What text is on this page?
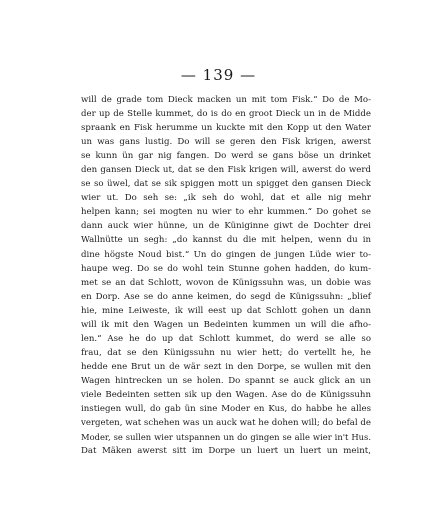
— 139 —
will de grade tom Dieck macken un mit tom Fisk.“ Do de Mo-
der up de Stelle kummet, do is do en groot Dieck un in de Midde
spraank en Fisk herumme un kuckte mit den Kopp ut den Water
un was gans lustig. Do will se geren den Fisk krigen, awerst
se kunn ün gar nig fangen. Do werd se gans böse un drinket
den gansen Dieck ut, dat se den Fisk krigen will, awerst do werd
se so üwel, dat se sik spiggen mott un spigget den gansen Dieck
wier ut. Do seh se: „ik seh do wohl, dat et alle nig mehr
helpen kann; sei mogten nu wier to ehr kummen.“ Do gohet se
dann auck wier hünne, un de Küniginne giwt de Dochter drei
Wallnütte un segh: „do kannst du die mit helpen, wenn du in
dine högste Noud bist.“ Un do gingen de jungen Lüde wier to-
haupe weg. Do se do wohl tein Stunne gohen hadden, do kum-
met se an dat Schlott, wovon de Künigssuhn was, un dobie was
en Dorp. Ase se do anne keimen, do segd de Künigssuhn: „blief
hie, mine Leiweste, ik will eest up dat Schlott gohen un dann
will ik mit den Wagen un Bedeinten kummen un will die afho-
len.“ Ase he do up dat Schlott kummet, do werd se alle so
frau, dat se den Künigssuhn nu wier hett; do vertellt he, he
hedde ene Brut un de wär sezt in den Dorpe, se wullen mit den
Wagen hintrecken un se holen. Do spannt se auck glick an un
viele Bedeinten setten sik up den Wagen. Ase do de Künigssuhn
instiegen wull, do gab ün sine Moder en Kus, do habbe he alles
vergeten, wat schehen was un auck wat he dohen will; do befal de
Moder, se sullen wier utspannen un do gingen se alle wier in't Hus.
Dat Mäken awerst sitt im Dorpe un luert un luert un meint,
